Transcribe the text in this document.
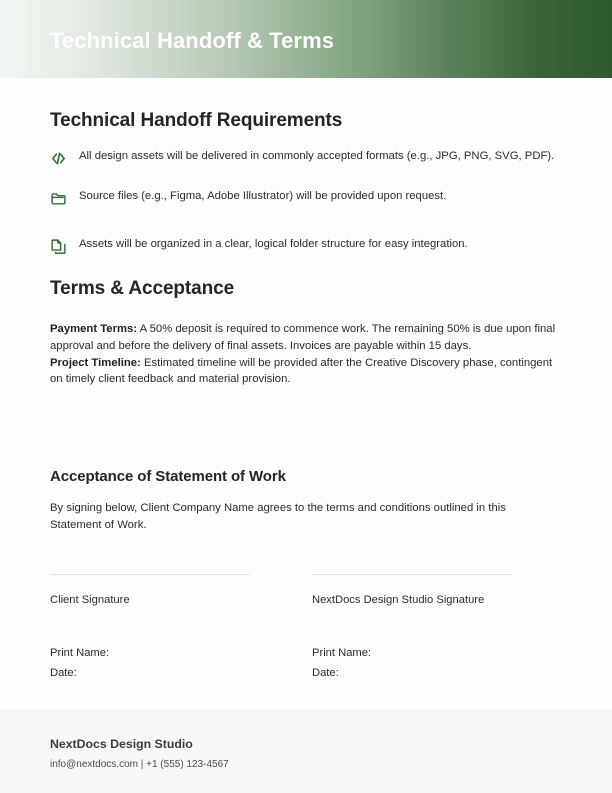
Technical Handoff & Terms
Technical Handoff Requirements
All design assets will be delivered in commonly accepted formats (e.g., JPG, PNG, SVG, PDF).
Source files (e.g., Figma, Adobe Illustrator) will be provided upon request.
Assets will be organized in a clear, logical folder structure for easy integration.
Terms & Acceptance
Payment Terms: A 50% deposit is required to commence work. The remaining 50% is due upon final approval and before the delivery of final assets. Invoices are payable within 15 days.
Project Timeline: Estimated timeline will be provided after the Creative Discovery phase, contingent on timely client feedback and material provision.
Acceptance of Statement of Work
By signing below, Client Company Name agrees to the terms and conditions outlined in this Statement of Work.
Client Signature
Print Name:
Date:
NextDocs Design Studio Signature
Print Name:
Date:
NextDocs Design Studio
info@nextdocs.com | +1 (555) 123-4567
Page 4 of 4
